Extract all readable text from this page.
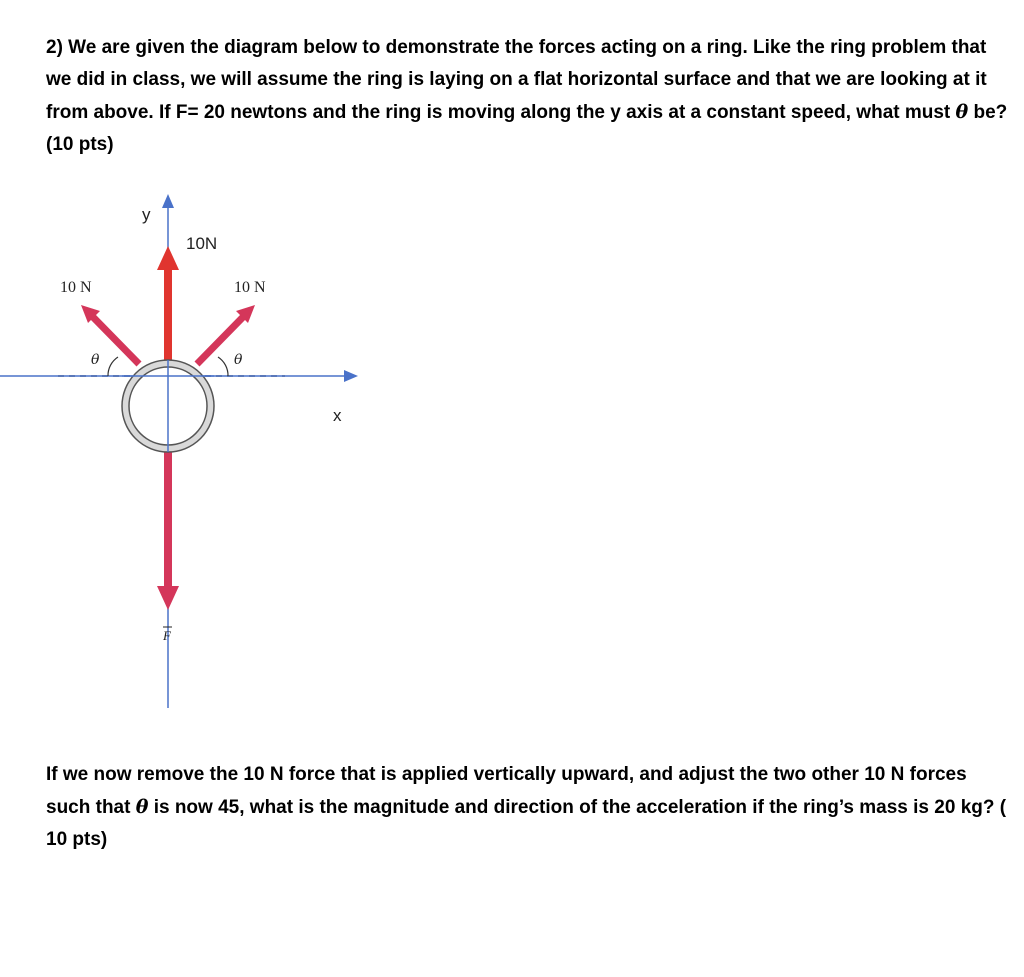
2) We are given the diagram below to demonstrate the forces acting on a ring. Like the ring problem that we did in class, we will assume the ring is laying on a flat horizontal surface and that we are looking at it from above. If F= 20 newtons and the ring is moving along the y axis at a constant speed, what must θ be? (10 pts)

y
x
10N
10 N	10 N
θ	θ
F

If we now remove the 10 N force that is applied vertically upward, and adjust the two other 10 N forces such that θ is now 45, what is the magnitude and direction of the acceleration if the ring’s mass is 20 kg? ( 10 pts)
